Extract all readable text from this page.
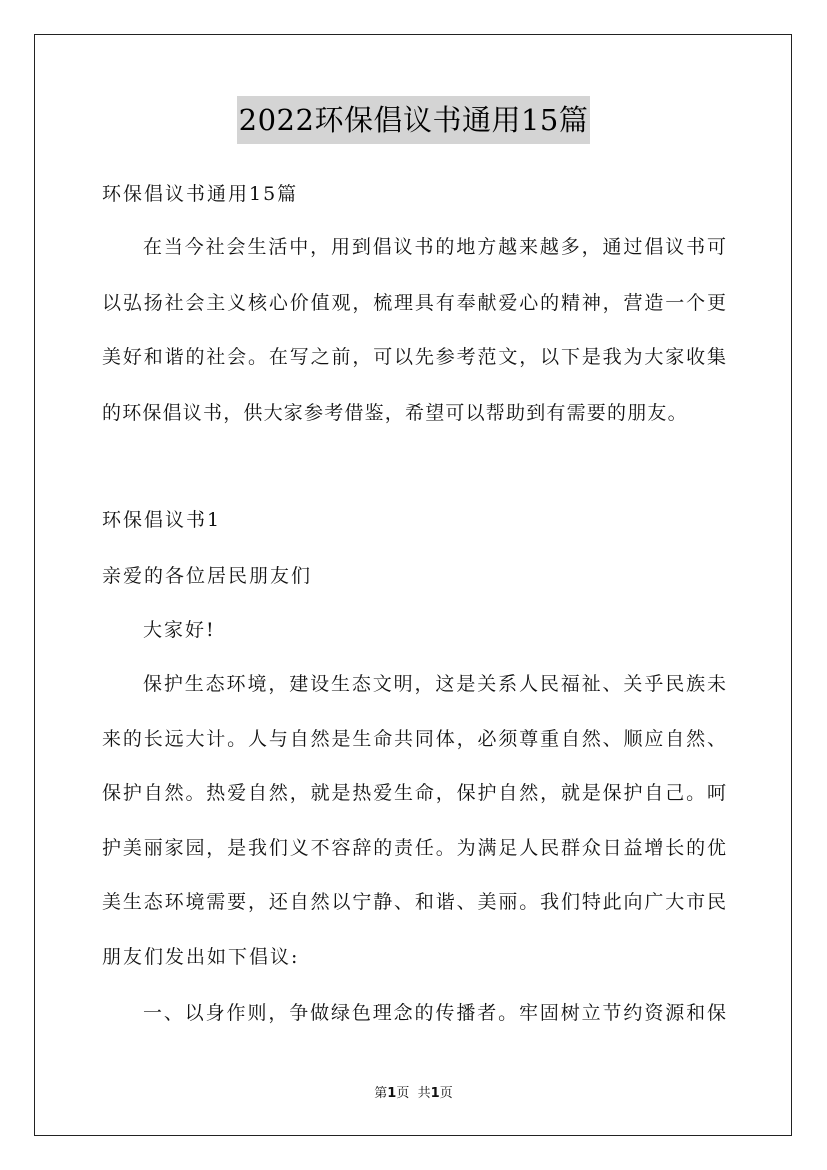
2022环保倡议书通用15篇
环保倡议书通用15篇
在当今社会生活中，用到倡议书的地方越来越多，通过倡议书可
以弘扬社会主义核心价值观，梳理具有奉献爱心的精神，营造一个更
美好和谐的社会。在写之前，可以先参考范文，以下是我为大家收集
的环保倡议书，供大家参考借鉴，希望可以帮助到有需要的朋友。
环保倡议书1
亲爱的各位居民朋友们
大家好!
保护生态环境，建设生态文明，这是关系人民福祉、关乎民族未
来的长远大计。人与自然是生命共同体，必须尊重自然、顺应自然、
保护自然。热爱自然，就是热爱生命，保护自然，就是保护自己。呵
护美丽家园，是我们义不容辞的责任。为满足人民群众日益增长的优
美生态环境需要，还自然以宁静、和谐、美丽。我们特此向广大市民
朋友们发出如下倡议:
一、以身作则，争做绿色理念的传播者。牢固树立节约资源和保
第1页 共1页
